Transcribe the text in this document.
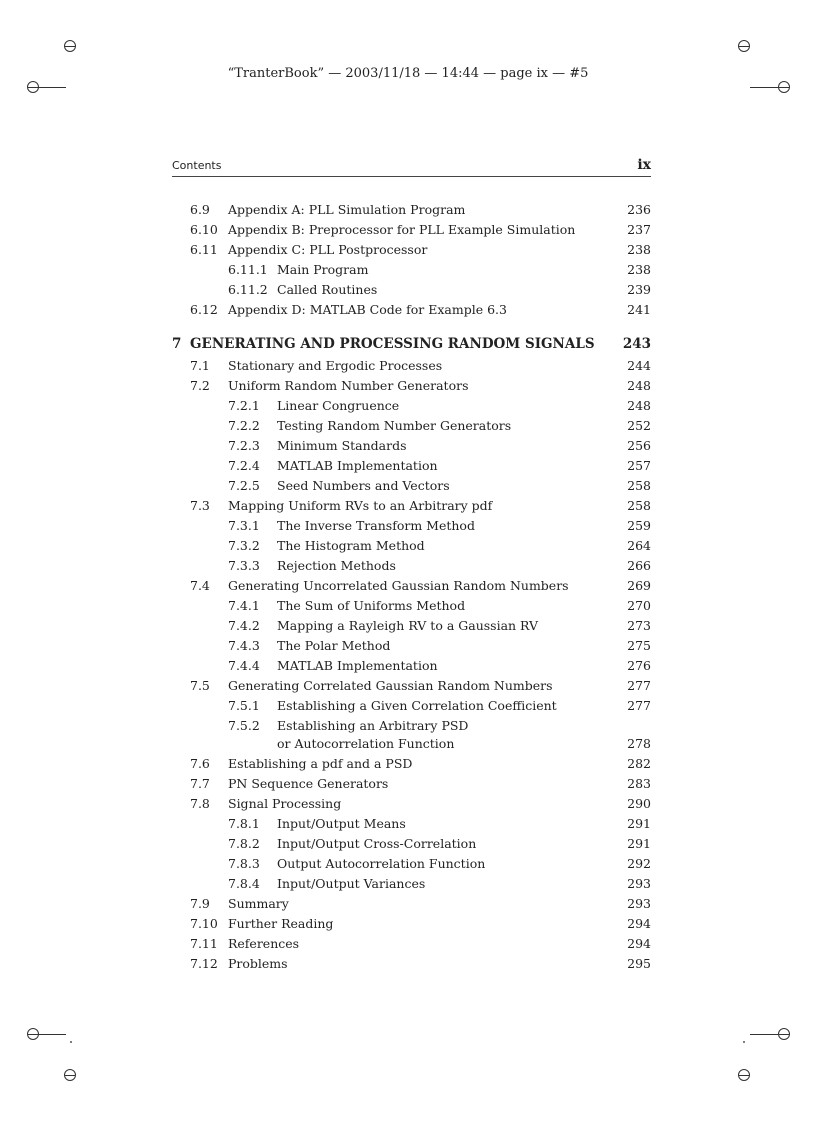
“TranterBook” — 2003/11/18 — 14:44 — page ix — #5
Contents	ix
6.9 Appendix A: PLL Simulation Program	236
6.10 Appendix B: Preprocessor for PLL Example Simulation	237
6.11 Appendix C: PLL Postprocessor	238
6.11.1 Main Program	238
6.11.2 Called Routines	239
6.12 Appendix D: MATLAB Code for Example 6.3	241
7 GENERATING AND PROCESSING RANDOM SIGNALS 243
7.1 Stationary and Ergodic Processes	244
7.2 Uniform Random Number Generators	248
7.2.1 Linear Congruence	248
7.2.2 Testing Random Number Generators	252
7.2.3 Minimum Standards	256
7.2.4 MATLAB Implementation	257
7.2.5 Seed Numbers and Vectors	258
7.3 Mapping Uniform RVs to an Arbitrary pdf	258
7.3.1 The Inverse Transform Method	259
7.3.2 The Histogram Method	264
7.3.3 Rejection Methods	266
7.4 Generating Uncorrelated Gaussian Random Numbers	269
7.4.1 The Sum of Uniforms Method	270
7.4.2 Mapping a Rayleigh RV to a Gaussian RV	273
7.4.3 The Polar Method	275
7.4.4 MATLAB Implementation	276
7.5 Generating Correlated Gaussian Random Numbers	277
7.5.1 Establishing a Given Correlation Coefficient	277
7.5.2 Establishing an Arbitrary PSD
or Autocorrelation Function	278
7.6 Establishing a pdf and a PSD	282
7.7 PN Sequence Generators	283
7.8 Signal Processing	290
7.8.1 Input/Output Means	291
7.8.2 Input/Output Cross-Correlation	291
7.8.3 Output Autocorrelation Function	292
7.8.4 Input/Output Variances	293
7.9 Summary	293
7.10 Further Reading	294
7.11 References	294
7.12 Problems	295
